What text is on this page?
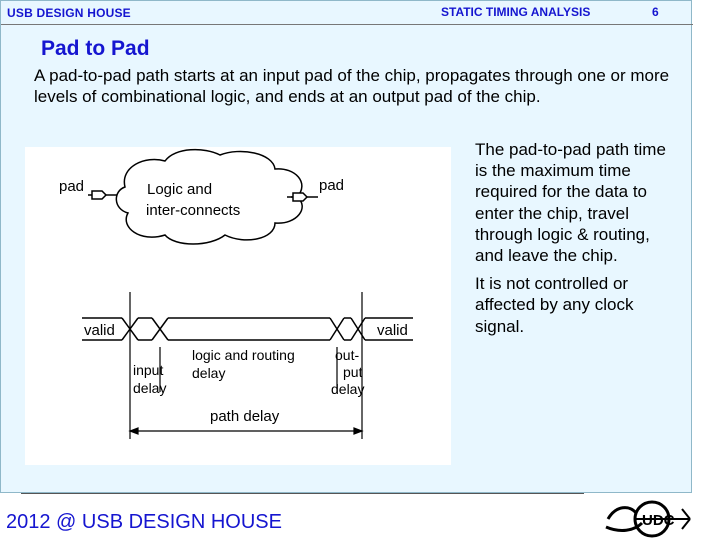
USB DESIGN HOUSE	STATIC TIMING ANALYSIS	6
Pad to Pad
A pad-to-pad path starts at an input pad of the chip, propagates through one or more levels of combinational logic, and ends at an output pad of the chip.
pad	Logic and
inter-connects
pad
valid	valid
input
delay
logic and routing
delay
out-
put
delay
path delay

The pad-to-pad path time is the maximum time required for the data to enter the chip, travel through logic & routing, and leave the chip.

It is not controlled or affected by any clock signal.

2012 @ USB DESIGN HOUSE	UDC
